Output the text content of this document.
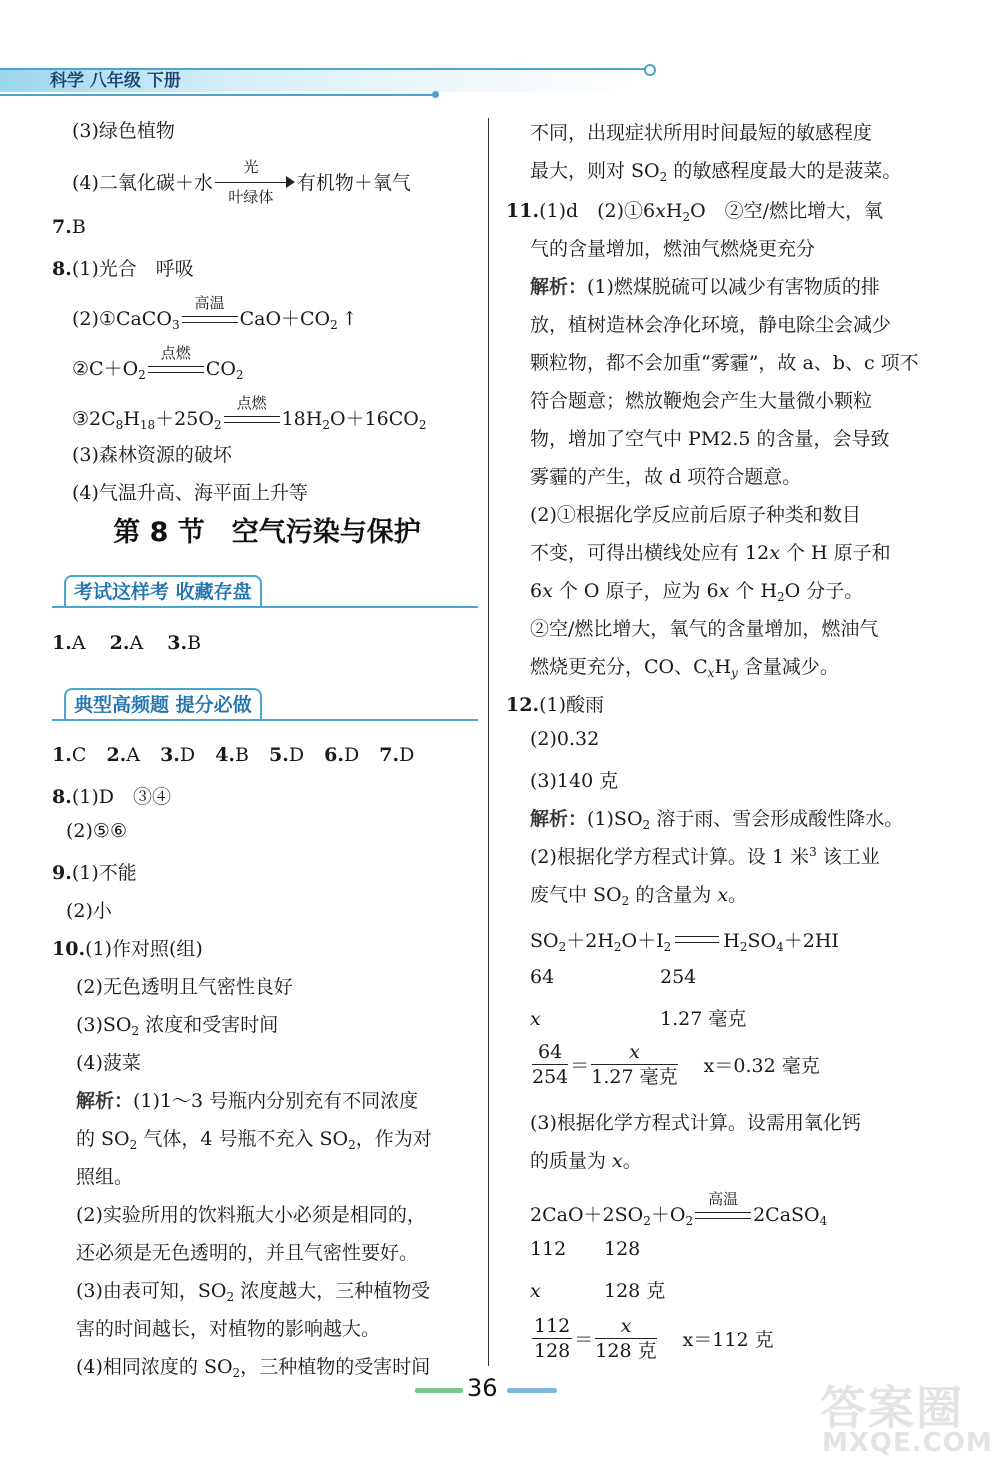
科学 八年级 下册
(3)绿色植物
(4)二氧化碳＋水
光
叶绿体
有机物＋氧气
7.B
8.(1)光合　呼吸
(2)①CaCO$_3$
高温
$CaO+CO_2$ ↑
$②C+O_2$
点燃
$CO_2$
$③2C_8H_{18}+25O_2$
点燃
$18H_2O+16CO_2$
(3)森林资源的破坏
(4)气温升高、海平面上升等
第 8 节　空气污染与保护
考试这样考 收藏存盘
1.A 2.A 3.B
典型高频题 提分必做
1.C 2.A 3.D 4.B 5.D 6.D 7.D
8.(1)D　③④
(2)⑤⑥
9.(1)不能
(2)小
10.(1)作对照(组)
(2)无色透明且气密性良好
$(3)SO_2$ 浓度和受害时间
(4)菠菜
解析：(1)1～3 号瓶内分别充有不同浓度
的 $SO_2$ 气体，4 号瓶不充入 $SO_2$，作为对
照组。
(2)实验所用的饮料瓶大小必须是相同的，
还必须是无色透明的，并且气密性要好。
(3)由表可知，$SO_2$ 浓度越大，三种植物受
害的时间越长，对植物的影响越大。
(4)相同浓度的 $SO_2$，三种植物的受害时间
不同，出现症状所用时间最短的敏感程度
最大，则对 $SO_2$ 的敏感程度最大的是菠菜。
11.(1)d　$(2)①6xH_2O$　②空/燃比增大，氧
气的含量增加，燃油气燃烧更充分
解析：(1)燃煤脱硫可以减少有害物质的排
放，植树造林会净化环境，静电除尘会减少
颗粒物，都不会加重“雾霾”，故 a、b、c 项不
符合题意；燃放鞭炮会产生大量微小颗粒
物，增加了空气中 PM2.5 的含量，会导致
雾霾的产生，故 d 项符合题意。
(2)①根据化学反应前后原子种类和数目
不变，可得出横线处应有 12x 个 H 原子和
6x 个 O 原子，应为 6x 个 $H_2O$ 分子。
②空/燃比增大，氧气的含量增加，燃油气
燃烧更充分，CO、$C_xH_y$ 含量减少。
12.(1)酸雨
(2)0.32
(3)140 克
解析：$(1)SO_2$ 溶于雨、雪会形成酸性降水。
(2)根据化学方程式计算。设 1 米$^3$ 该工业
废气中 $SO_2$ 的含量为 x。
$SO_2+2H_2O+I_2$	$H_2SO_4+2HI$
64	254
x	1.27 毫克
$\frac{64}{254} = \frac{x}{\text{1.27 毫克}} x=0.32$ 毫克
(3)根据化学方程式计算。设需用氧化钙
的质量为 x。
$2CaO+2SO_2+O_2$
高温
2CaSO$_4$
112 128
x	128 克
$\frac{112}{128} = \frac{x}{\text{128 克}} x=112$ 克
36	答案圈
MXQE.COM
